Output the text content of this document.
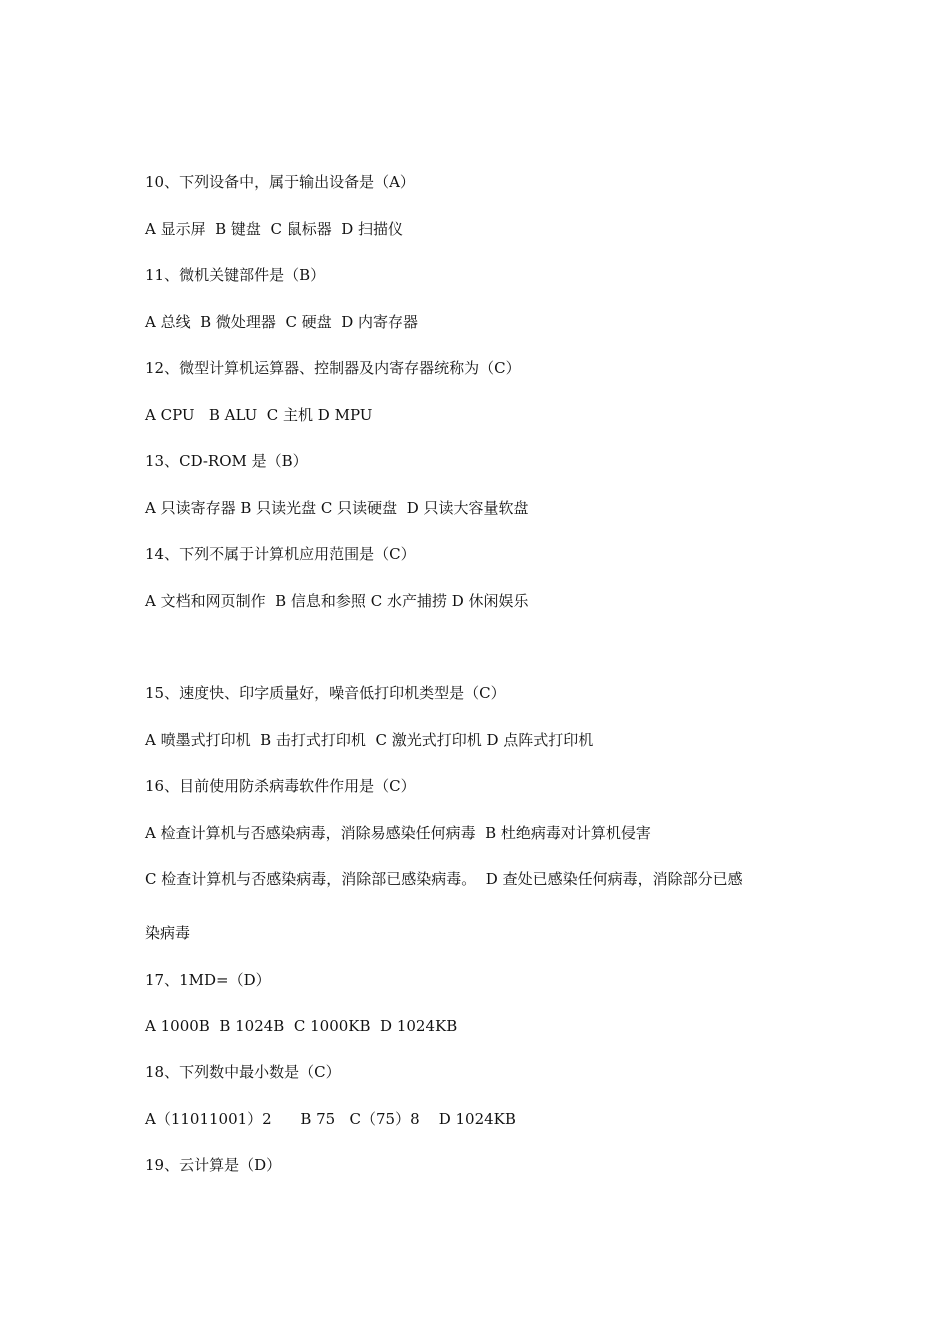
10、下列设备中，属于输出设备是（A）
A 显示屏  B 键盘  C 鼠标器  D 扫描仪
11、微机关键部件是（B）
A 总线  B 微处理器  C 硬盘  D 内寄存器
12、微型计算机运算器、控制器及内寄存器统称为（C）
A CPU   B ALU  C 主机 D MPU
13、CD-ROM 是（B）
A 只读寄存器 B 只读光盘 C 只读硬盘  D 只读大容量软盘
14、下列不属于计算机应用范围是（C）
A 文档和网页制作  B 信息和参照 C 水产捕捞 D 休闲娱乐
15、速度快、印字质量好，噪音低打印机类型是（C）
A 喷墨式打印机  B 击打式打印机  C 激光式打印机 D 点阵式打印机
16、目前使用防杀病毒软件作用是（C）
A 检查计算机与否感染病毒，消除易感染任何病毒  B 杜绝病毒对计算机侵害
C 检查计算机与否感染病毒，消除部已感染病毒。  D 查处已感染任何病毒，消除部分已感
染病毒
17、1MD=（D）
A 1000B  B 1024B  C 1000KB  D 1024KB
18、下列数中最小数是（C）
A（11011001）2      B 75   C（75）8    D 1024KB
19、云计算是（D）
